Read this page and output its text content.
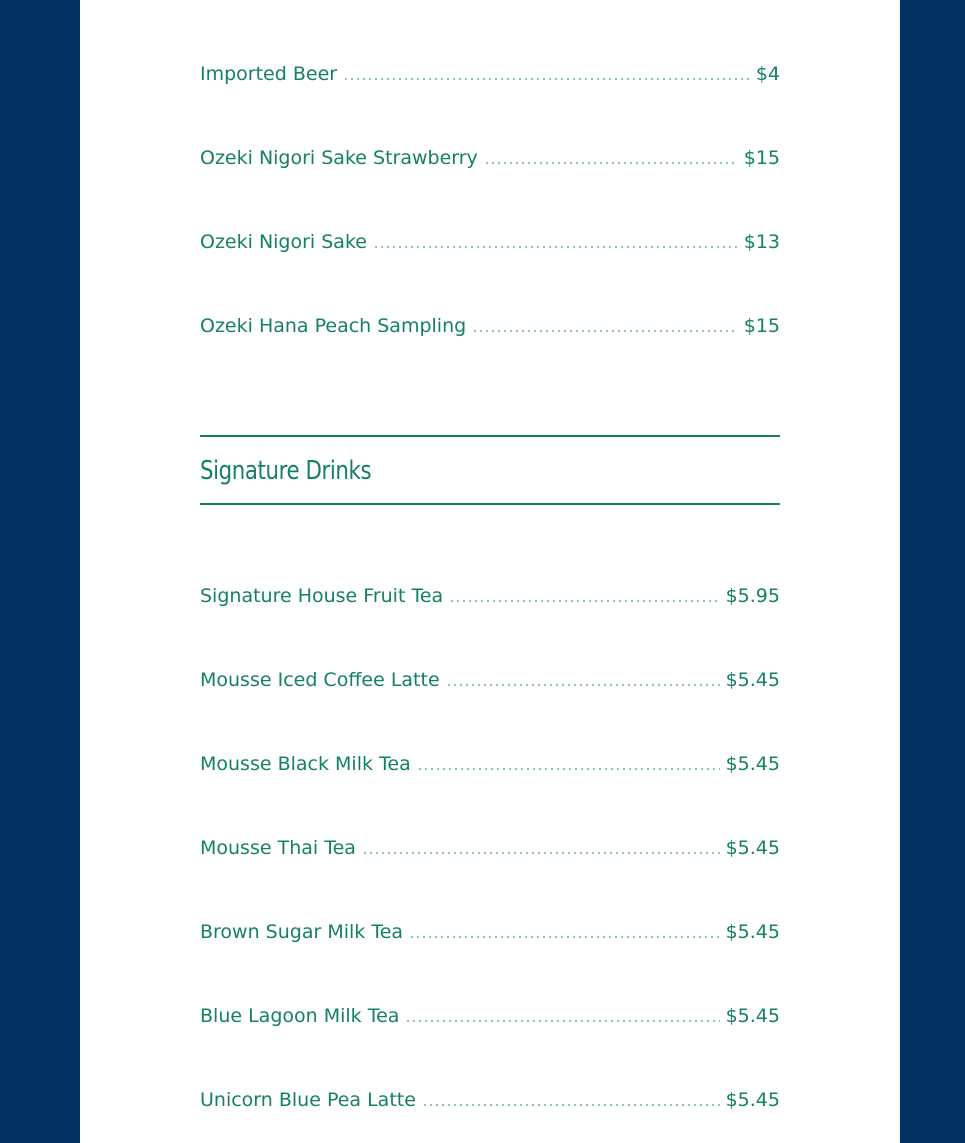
Imported Beer	$4
Ozeki Nigori Sake Strawberry	$15
Ozeki Nigori Sake	$13
Ozeki Hana Peach Sampling	$15
Signature Drinks
Signature House Fruit Tea	$5.95
Mousse Iced Coffee Latte	$5.45
Mousse Black Milk Tea	$5.45
Mousse Thai Tea	$5.45
Brown Sugar Milk Tea	$5.45
Blue Lagoon Milk Tea	$5.45
Unicorn Blue Pea Latte	$5.45
